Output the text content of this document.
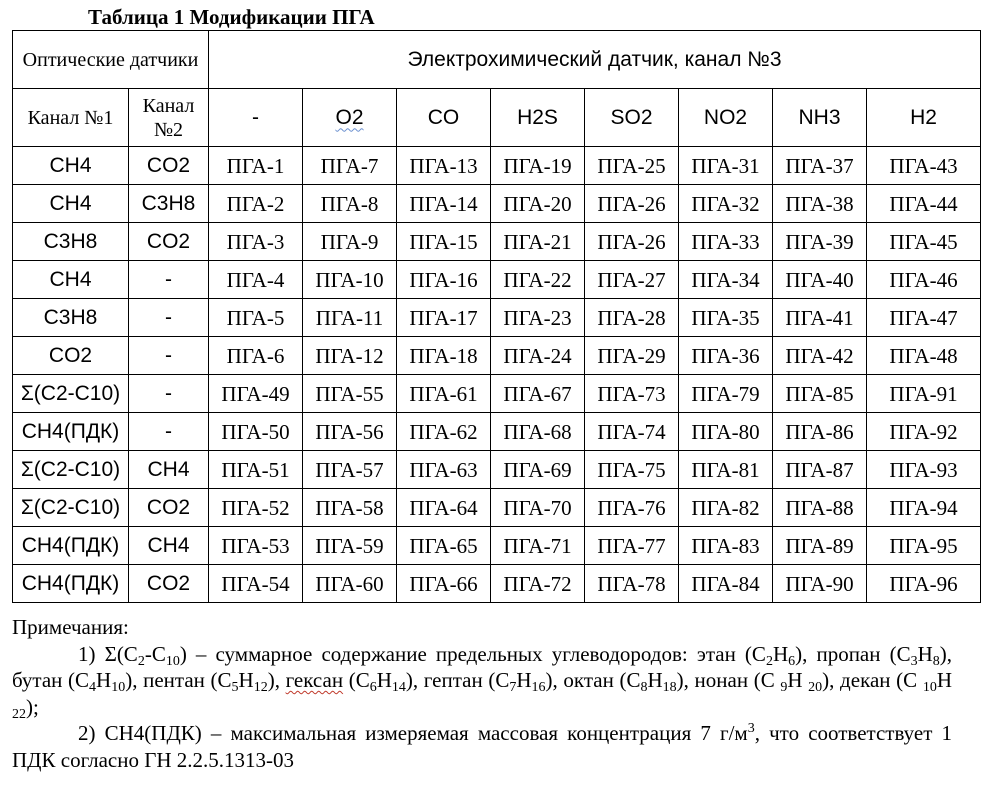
Таблица 1 Модификации ПГА
Оптические датчики		Электрохимический датчик, канал №3							
Канал №1	Канал №2	-	O2	CO	H2S	SO2	NO2	NH3	H2
CH4	CO2	ПГА-1	ПГА-7	ПГА-13	ПГА-19	ПГА-25	ПГА-31	ПГА-37	ПГА-43
CH4	C3H8	ПГА-2	ПГА-8	ПГА-14	ПГА-20	ПГА-26	ПГА-32	ПГА-38	ПГА-44
C3H8	CO2	ПГА-3	ПГА-9	ПГА-15	ПГА-21	ПГА-26	ПГА-33	ПГА-39	ПГА-45
CH4	-	ПГА-4	ПГА-10	ПГА-16	ПГА-22	ПГА-27	ПГА-34	ПГА-40	ПГА-46
C3H8	-	ПГА-5	ПГА-11	ПГА-17	ПГА-23	ПГА-28	ПГА-35	ПГА-41	ПГА-47
CO2	-	ПГА-6	ПГА-12	ПГА-18	ПГА-24	ПГА-29	ПГА-36	ПГА-42	ПГА-48
Σ(C2-C10)	-	ПГА-49	ПГА-55	ПГА-61	ПГА-67	ПГА-73	ПГА-79	ПГА-85	ПГА-91
CH4(ПДК)	-	ПГА-50	ПГА-56	ПГА-62	ПГА-68	ПГА-74	ПГА-80	ПГА-86	ПГА-92
Σ(C2-C10)	CH4	ПГА-51	ПГА-57	ПГА-63	ПГА-69	ПГА-75	ПГА-81	ПГА-87	ПГА-93
Σ(C2-C10)	CO2	ПГА-52	ПГА-58	ПГА-64	ПГА-70	ПГА-76	ПГА-82	ПГА-88	ПГА-94
CH4(ПДК)	CH4	ПГА-53	ПГА-59	ПГА-65	ПГА-71	ПГА-77	ПГА-83	ПГА-89	ПГА-95
CH4(ПДК)	CO2	ПГА-54	ПГА-60	ПГА-66	ПГА-72	ПГА-78	ПГА-84	ПГА-90	ПГА-96
Примечания:
1) $\Sigma(C_2-C_{10})$ – суммарное содержание предельных углеводородов: этан $(C_2H_6)$, пропан $(C_3H_8)$, бутан $(C_4H_{10})$, пентан $(C_5H_{12})$, гексан $(C_6H_{14})$, гептан $(C_7H_{16})$, октан $(C_8H_{18})$, нонан (C $_9$H $_{20}$), декан (C $_{10}$H $_{22}$);
2) CH4(ПДК) – максимальная измеряемая массовая концентрация 7 $г/м^3$, что соответствует 1 ПДК согласно ГН 2.2.5.1313-03
